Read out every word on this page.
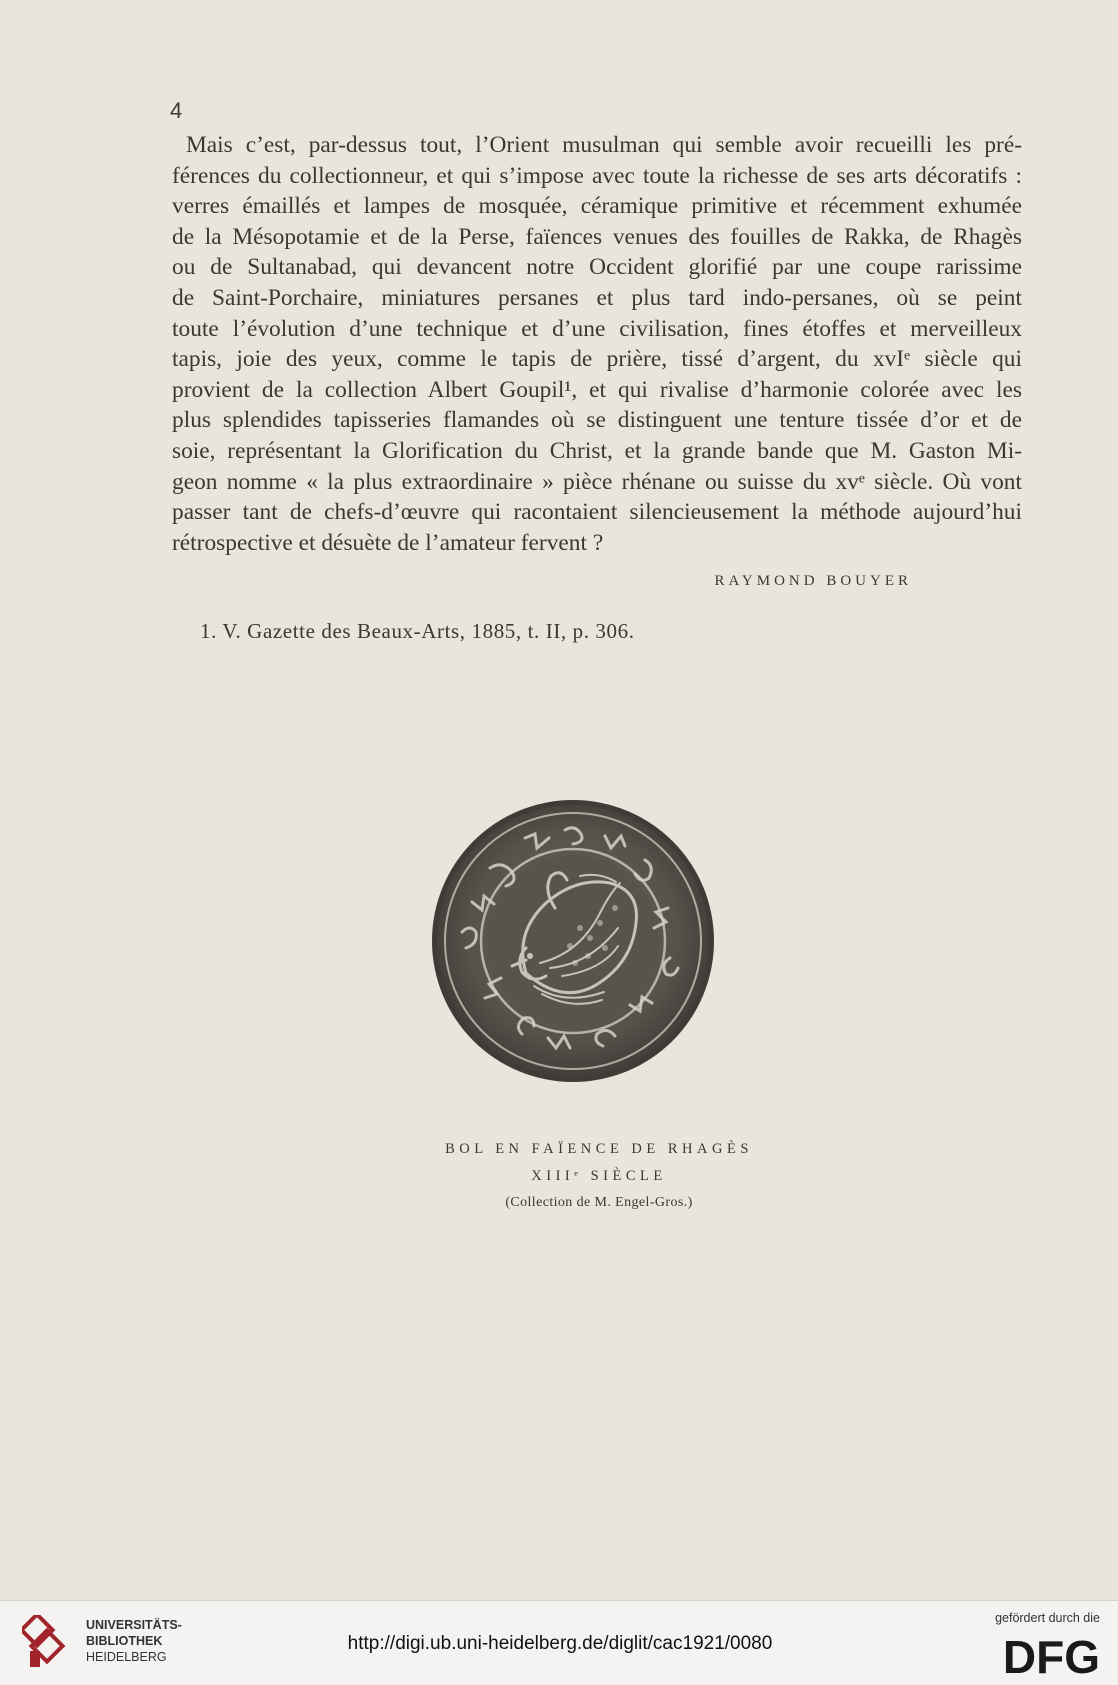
4

Mais c’est, par-dessus tout, l’Orient musulman qui semble avoir recueilli les pré-

férences du collectionneur, et qui s’impose avec toute la richesse de ses arts décoratifs :

verres émaillés et lampes de mosquée, céramique primitive et récemment exhumée

de la Mésopotamie et de la Perse, faïences venues des fouilles de Rakka, de Rhagès

ou de Sultanabad, qui devancent notre Occident glorifié par une coupe rarissime

de Saint-Porchaire, miniatures persanes et plus tard indo-persanes, où se peint

toute l’évolution d’une technique et d’une civilisation, fines étoffes et merveilleux

tapis, joie des yeux, comme le tapis de prière, tissé d’argent, du xvIᵉ siècle qui

provient de la collection Albert Goupil¹, et qui rivalise d’harmonie colorée avec les

plus splendides tapisseries flamandes où se distinguent une tenture tissée d’or et de

soie, représentant la Glorification du Christ, et la grande bande que M. Gaston Mi-

geon nomme « la plus extraordinaire » pièce rhénane ou suisse du xvᵉ siècle. Où vont

passer tant de chefs-d’œuvre qui racontaient silencieusement la méthode aujourd’hui

rétrospective et désuète de l’amateur fervent ?

RAYMOND BOUYER
1. V. Gazette des Beaux-Arts, 1885, t. II, p. 306.
BOL EN FAÏENCE DE RHAGÈS
XIIIᵉ SIÈCLE
(Collection de M. Engel-Gros.)
UNIVERSITÄTS-
BIBLIOTHEK
HEIDELBERG
http://digi.ub.uni-heidelberg.de/diglit/cac1921/0080
gefördert durch die
DFG
